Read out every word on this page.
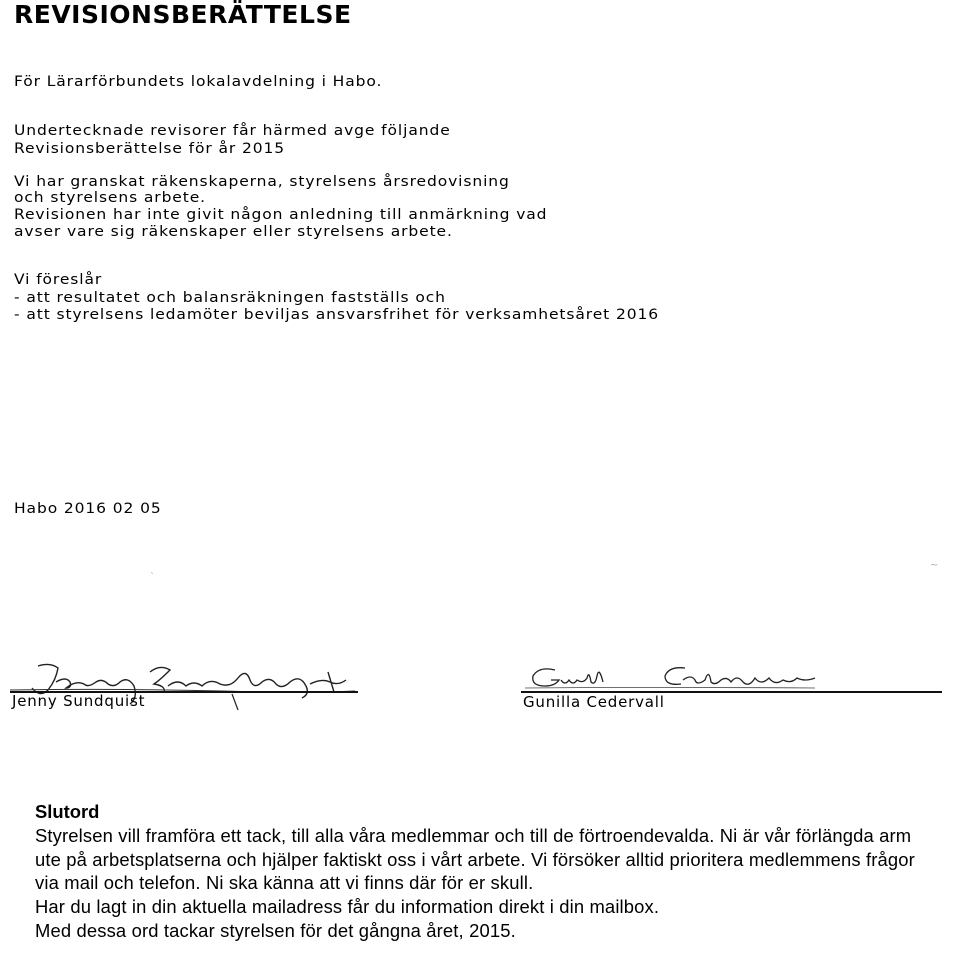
REVISIONSBERÄTTELSE

För Lärarförbundets lokalavdelning i Habo.

Undertecknade revisorer får härmed avge följande

Revisionsberättelse för år 2015

Vi har granskat räkenskaperna, styrelsens årsredovisning

och styrelsens arbete.

Revisionen har inte givit någon anledning till anmärkning vad

avser vare sig räkenskaper eller styrelsens arbete.

Vi föreslår

- att resultatet och balansräkningen fastställs och

- att styrelsens ledamöter beviljas ansvarsfrihet för verksamhetsåret 2016

Habo 2016 02 05

`
~
Jenny Sundquist	Gunilla Cedervall
Slutord

Styrelsen vill framföra ett tack, till alla våra medlemmar och till de förtroendevalda. Ni är vår förlängda arm ute på arbetsplatserna och hjälper faktiskt oss i vårt arbete. Vi försöker alltid prioritera medlemmens frågor via mail och telefon. Ni ska känna att vi finns där för er skull.

Har du lagt in din aktuella mailadress får du information direkt i din mailbox.

Med dessa ord tackar styrelsen för det gångna året, 2015.
